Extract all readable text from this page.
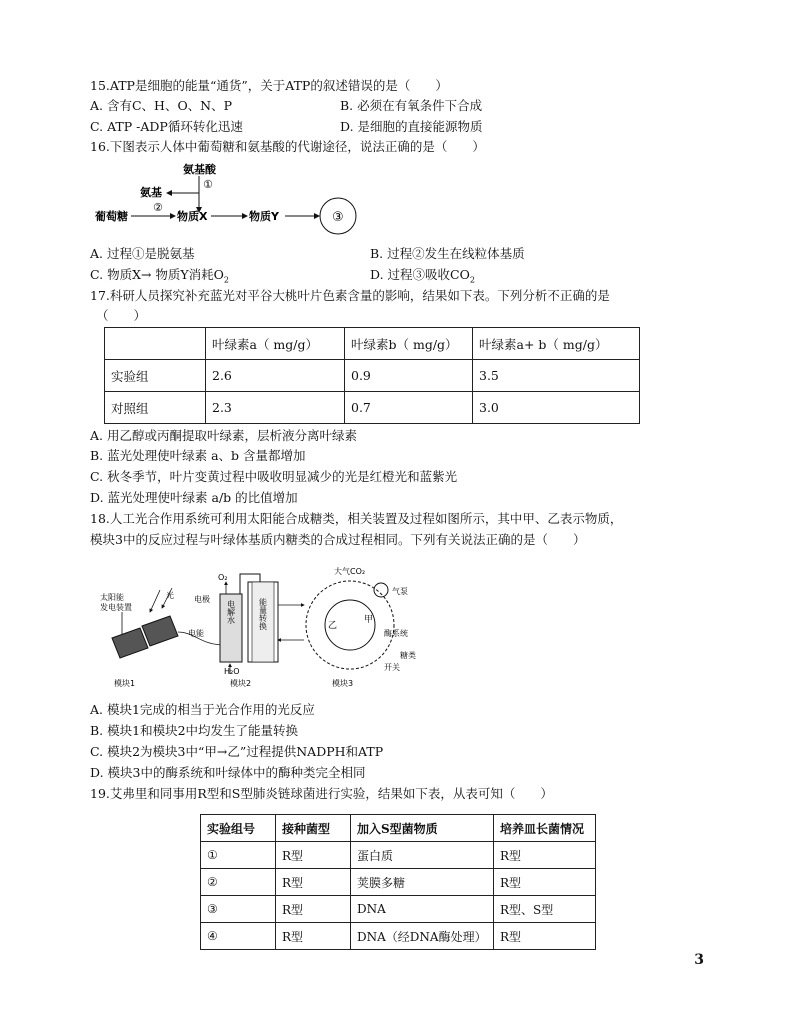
15.ATP是细胞的能量“通货”，关于ATP的叙述错误的是（　　）
A. 含有C、H、O、N、P	B. 必须在有氧条件下合成
C. ATP -ADP循环转化迅速	D. 是细胞的直接能源物质
16.下图表示人体中葡萄糖和氨基酸的代谢途径，说法正确的是（　　）
氨基酸
①
氨基
葡萄糖
②
物质X	物质Y	③
A. 过程①是脱氨基	B. 过程②发生在线粒体基质
C. 物质X→ 物质Y消耗$O_2$	D. 过程③吸收$CO_2$
17.科研人员探究补充蓝光对平谷大桃叶片色素含量的影响，结果如下表。下列分析不正确的是
（　　）
	叶绿素a（ mg/g）	叶绿素b（ mg/g）	叶绿素a+ b（ mg/g）
实验组	2.6	0.9	3.5
对照组	2.3	0.7	3.0
A. 用乙醇或丙酮提取叶绿素，层析液分离叶绿素
B. 蓝光处理使叶绿素 a、b 含量都增加
C. 秋冬季节，叶片变黄过程中吸收明显减少的光是红橙光和蓝紫光
D. 蓝光处理使叶绿素 a/b 的比值增加
18.人工光合作用系统可利用太阳能合成糖类，相关装置及过程如图所示，其中甲、乙表示物质，
模块3中的反应过程与叶绿体基质内糖类的合成过程相同。下列有关说法正确的是（　　）
太阳能
发电装置
光
电能
电极
O₂
电解水	能量转换
H₂O
大气CO₂
气泵
乙
甲
酶系统
糖类
开关
模块1	模块2	模块3
A. 模块1完成的相当于光合作用的光反应
B. 模块1和模块2中均发生了能量转换
C. 模块2为模块3中“甲→乙”过程提供NADPH和ATP
D. 模块3中的酶系统和叶绿体中的酶种类完全相同
19.艾弗里和同事用R型和S型肺炎链球菌进行实验，结果如下表，从表可知（　　）
实验组号	接种菌型	加入S型菌物质	培养皿长菌情况
①	R型	蛋白质	R型
②	R型	荚膜多糖	R型
③	R型	DNA	R型、S型
④	R型	DNA（经DNA酶处理）	R型
3
